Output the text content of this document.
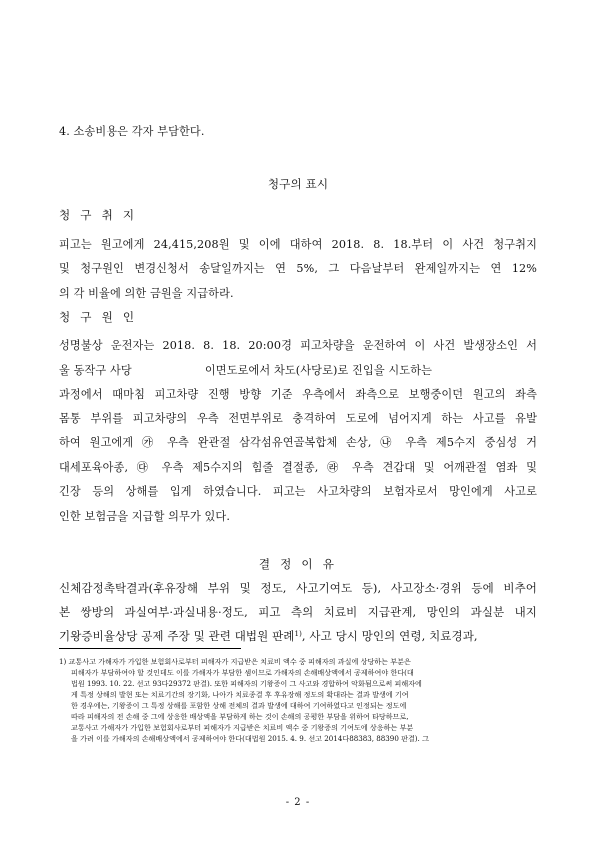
4. 소송비용은 각자 부담한다.
청구의 표시
청 구 취 지
피고는 원고에게 24,415,208원 및 이에 대하여 2018. 8. 18.부터 이 사건 청구취지
및 청구원인 변경신청서 송달일까지는 연 5%, 그 다음날부터 완제일까지는 연 12%
의 각 비율에 의한 금원을 지급하라.
청 구 원 인
성명불상 운전자는 2018. 8. 18. 20:00경 피고차량을 운전하여 이 사건 발생장소인 서
울 동작구 사당                    이면도로에서 차도(사당로)로 진입을 시도하는
과정에서 때마침 피고차량 진행 방향 기준 우측에서 좌측으로 보행중이던 원고의 좌측
몸통 부위를 피고차량의 우측 전면부위로 충격하여 도로에 넘어지게 하는 사고를 유발
하여 원고에게 ㉮ 우측 완관절 삼각섬유연골복합체 손상, ㉯ 우측 제5수지 중심성 거
대세포육아종, ㉰ 우측 제5수지의 힘줄 결절종, ㉱ 우측 견갑대 및 어깨관절 염좌 및
긴장 등의 상해를 입게 하였습니다. 피고는 사고차량의 보험자로서 망인에게 사고로
인한 보험금을 지급할 의무가 있다.
결 정 이 유
신체감정촉탁결과(후유장해 부위 및 정도, 사고기여도 등), 사고장소·경위 등에 비추어
본 쌍방의 과실여부·과실내용·정도, 피고 측의 치료비 지급관계, 망인의 과실분 내지
기왕증비율상당 공제 주장 및 관련 대법원 판례$^{1)}$, 사고 당시 망인의 연령, 치료경과,
1) 교통사고 가해자가 가입한 보험회사로부터 피해자가 지급받은 치료비 액수 중 피해자의 과실에 상당하는 부분은
피해자가 부담하여야 할 것인데도 이를 가해자가 부담한 셈이므로 가해자의 손해배상액에서 공제하여야 한다(대
법원 1993. 10. 22. 선고 93다29372 판결). 또한 피해자의 기왕증이 그 사고와 경합하여 악화됨으로써 피해자에
게 특정 상해의 발현 또는 치료기간의 장기화, 나아가 치료종결 후 후유장해 정도의 확대라는 결과 발생에 기여
한 경우에는, 기왕증이 그 특정 상해를 포함한 상해 전체의 결과 발생에 대하여 기여하였다고 인정되는 정도에
따라 피해자의 전 손해 중 그에 상응한 배상액을 부담하게 하는 것이 손해의 공평한 부담을 위하여 타당하므로,
교통사고 가해자가 가입한 보험회사로부터 피해자가 지급받은 치료비 액수 중 기왕증의 기여도에 상응하는 부분
을 가려 이를 가해자의 손해배상액에서 공제하여야 한다(대법원 2015. 4. 9. 선고 2014다88383, 88390 판결). 그
- 2 -
